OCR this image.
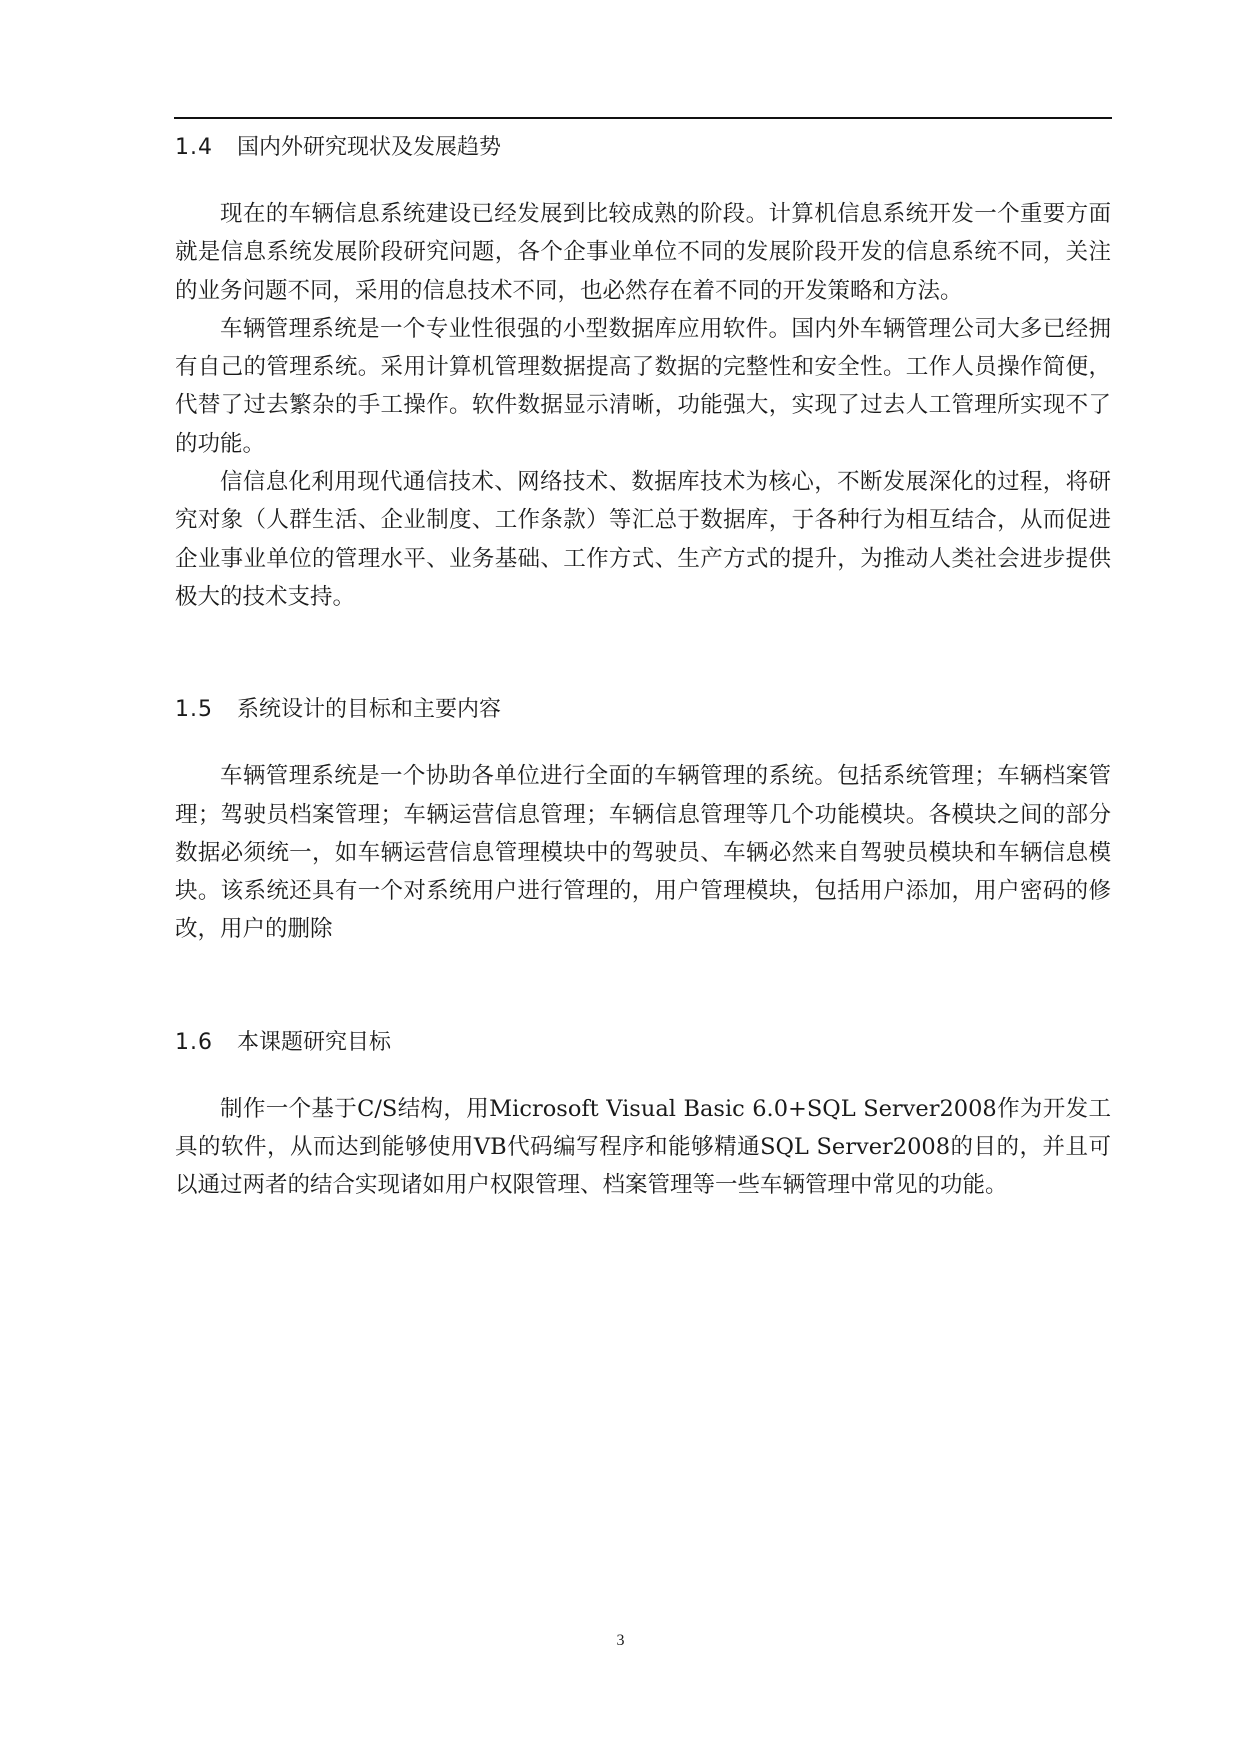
1.4 国内外研究现状及发展趋势

现在的车辆信息系统建设已经发展到比较成熟的阶段。计算机信息系统开发一个重要方面就是信息系统发展阶段研究问题，各个企事业单位不同的发展阶段开发的信息系统不同，关注的业务问题不同，采用的信息技术不同，也必然存在着不同的开发策略和方法。

车辆管理系统是一个专业性很强的小型数据库应用软件。国内外车辆管理公司大多已经拥有自己的管理系统。采用计算机管理数据提高了数据的完整性和安全性。工作人员操作简便，代替了过去繁杂的手工操作。软件数据显示清晰，功能强大，实现了过去人工管理所实现不了的功能。

信信息化利用现代通信技术、网络技术、数据库技术为核心，不断发展深化的过程，将研究对象（人群生活、企业制度、工作条款）等汇总于数据库，于各种行为相互结合，从而促进企业事业单位的管理水平、业务基础、工作方式、生产方式的提升，为推动人类社会进步提供极大的技术支持。

1.5 系统设计的目标和主要内容

车辆管理系统是一个协助各单位进行全面的车辆管理的系统。包括系统管理；车辆档案管理；驾驶员档案管理；车辆运营信息管理；车辆信息管理等几个功能模块。各模块之间的部分数据必须统一，如车辆运营信息管理模块中的驾驶员、车辆必然来自驾驶员模块和车辆信息模块。该系统还具有一个对系统用户进行管理的，用户管理模块，包括用户添加，用户密码的修改，用户的删除

1.6 本课题研究目标

制作一个基于C/S结构，用Microsoft Visual Basic 6.0+SQL Server2008作为开发工具的软件，从而达到能够使用VB代码编写程序和能够精通SQL Server2008的目的，并且可以通过两者的结合实现诸如用户权限管理、档案管理等一些车辆管理中常见的功能。

3
